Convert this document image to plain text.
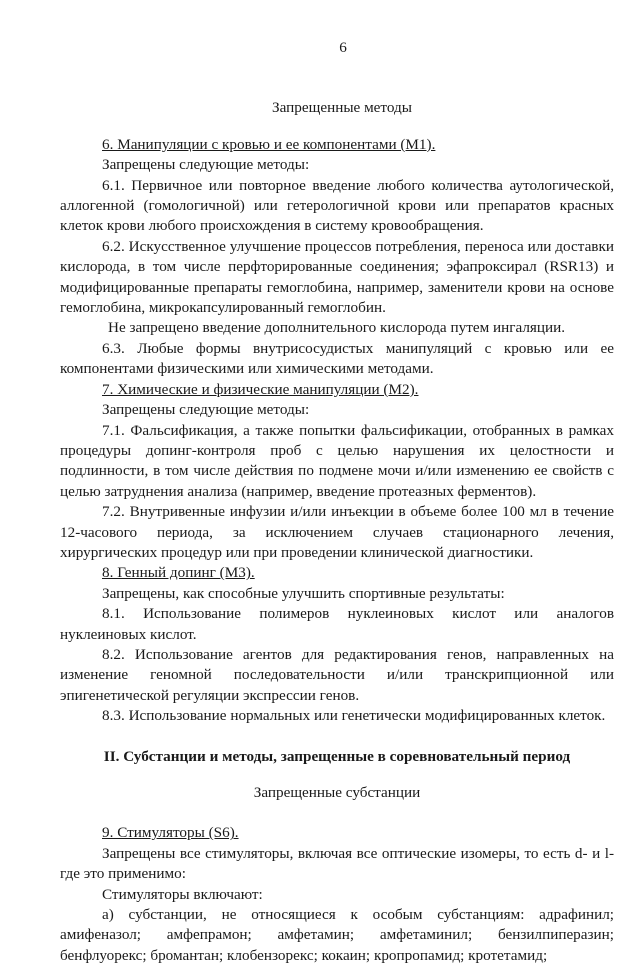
6
Запрещенные методы

6. Манипуляции с кровью и ее компонентами (М1).

Запрещены следующие методы:

6.1. Первичное или повторное введение любого количества аутологической, аллогенной (гомологичной) или гетерологичной крови или препаратов красных клеток крови любого происхождения в систему кровообращения.

6.2. Искусственное улучшение процессов потребления, переноса или доставки кислорода, в том числе перфторированные соединения; эфапроксирал (RSR13) и модифицированные препараты гемоглобина, например, заменители крови на основе гемоглобина, микрокапсулированный гемоглобин.

Не запрещено введение дополнительного кислорода путем ингаляции.

6.3. Любые формы внутрисосудистых манипуляций с кровью или ее компонентами физическими или химическими методами.

7. Химические и физические манипуляции (М2).

Запрещены следующие методы:

7.1. Фальсификация, а также попытки фальсификации, отобранных в рамках процедуры допинг-контроля проб с целью нарушения их целостности и подлинности, в том числе действия по подмене мочи и/или изменению ее свойств с целью затруднения анализа (например, введение протеазных ферментов).

7.2. Внутривенные инфузии и/или инъекции в объеме более 100 мл в течение 12-часового периода, за исключением случаев стационарного лечения, хирургических процедур или при проведении клинической диагностики.

8. Генный допинг (М3).

Запрещены, как способные улучшить спортивные результаты:

8.1. Использование полимеров нуклеиновых кислот или аналогов нуклеиновых кислот.

8.2. Использование агентов для редактирования генов, направленных на изменение геномной последовательности и/или транскрипционной или эпигенетической регуляции экспрессии генов.

8.3. Использование нормальных или генетически модифицированных клеток.

II. Субстанции и методы, запрещенные в соревновательный период
Запрещенные субстанции

9. Стимуляторы (S6).

Запрещены все стимуляторы, включая все оптические изомеры, то есть d- и l- где это применимо:

Стимуляторы включают:

а) субстанции, не относящиеся к особым субстанциям: адрафинил; амифеназол; амфепрамон; амфетамин; амфетаминил; бензилпиперазин; бенфлуорекс; бромантан; клобензорекс; кокаин; кропропамид; кротетамид;
